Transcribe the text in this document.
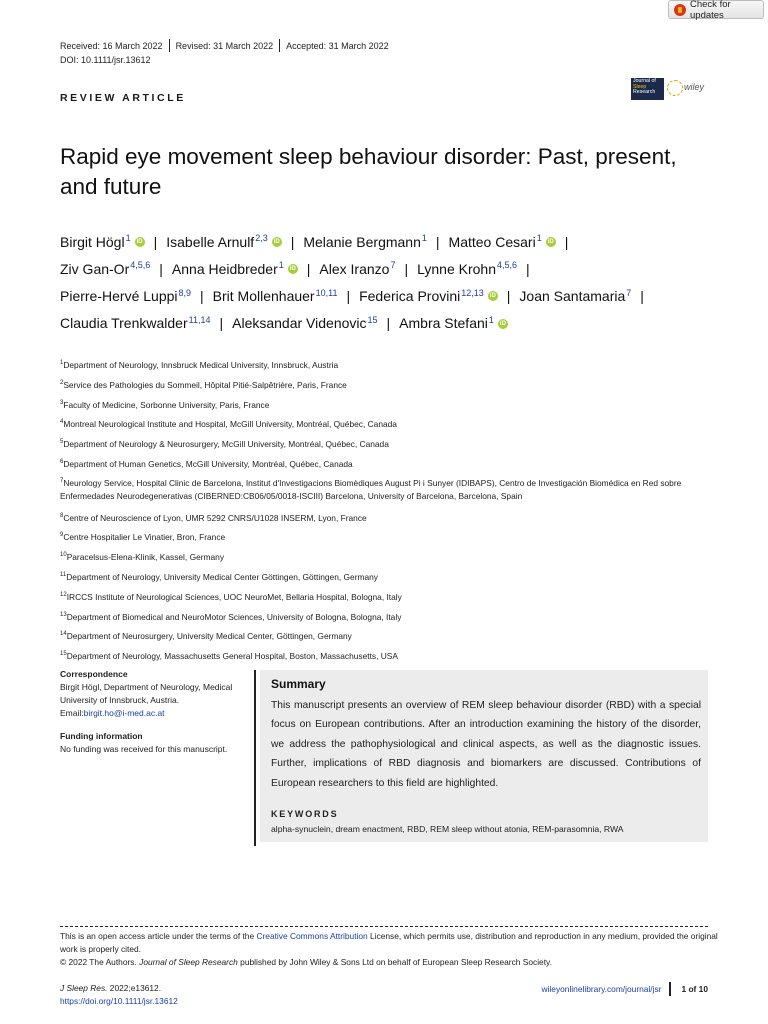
Check for updates
Received: 16 March 2022 Revised: 31 March 2022 Accepted: 31 March 2022
DOI: 10.1111/jsr.13612
REVIEW ARTICLE
Journal of
Sleep
Research
wiley
Rapid eye movement sleep behaviour disorder: Past, present, and future
Birgit Högl$^1$ iD | Isabelle Arnulf$^{2,3}$ iD | Melanie Bergmann$^1$ | Matteo Cesari$^1$ iD |
Ziv Gan-Or$^{4,5,6}$ | Anna Heidbreder$^1$ iD | Alex Iranzo$^7$ | Lynne Krohn$^{4,5,6}$ |
Pierre-Hervé Luppi$^{8,9}$ | Brit Mollenhauer$^{10,11}$ | Federica Provini$^{12,13}$ iD | Joan Santamaria$^7$ |
Claudia Trenkwalder$^{11,14}$ | Aleksandar Videnovic$^{15}$ | Ambra Stefani$^1$ iD

$^1$Department of Neurology, Innsbruck Medical University, Innsbruck, Austria
$^2$Service des Pathologies du Sommeil, Hôpital Pitié-Salpêtrière, Paris, France
$^3$Faculty of Medicine, Sorbonne University, Paris, France
$^4$Montreal Neurological Institute and Hospital, McGill University, Montréal, Québec, Canada
$^5$Department of Neurology & Neurosurgery, McGill University, Montréal, Québec, Canada
$^6$Department of Human Genetics, McGill University, Montréal, Québec, Canada
$^7$Neurology Service, Hospital Clinic de Barcelona, Institut d'Investigacions Biomèdiques August Pi i Sunyer (IDIBAPS), Centro de Investigación Biomédica en Red sobre Enfermedades Neurodegenerativas (CIBERNED:CB06/05/0018-ISCIII) Barcelona, University of Barcelona, Barcelona, Spain
$^8$Centre of Neuroscience of Lyon, UMR 5292 CNRS/U1028 INSERM, Lyon, France
$^9$Centre Hospitalier Le Vinatier, Bron, France
$^{10}$Paracelsus-Elena-Klinik, Kassel, Germany
$^{11}$Department of Neurology, University Medical Center Göttingen, Göttingen, Germany
$^{12}$IRCCS Institute of Neurological Sciences, UOC NeuroMet, Bellaria Hospital, Bologna, Italy
$^{13}$Department of Biomedical and NeuroMotor Sciences, University of Bologna, Bologna, Italy
$^{14}$Department of Neurosurgery, University Medical Center, Göttingen, Germany
$^{15}$Department of Neurology, Massachusetts General Hospital, Boston, Massachusetts, USA
Correspondence
Birgit Högl, Department of Neurology, Medical University of Innsbruck, Austria.
Email:birgit.ho@i-med.ac.at
Funding information
No funding was received for this manuscript.
Summary
This manuscript presents an overview of REM sleep behaviour disorder (RBD) with a special focus on European contributions. After an introduction examining the history of the disorder, we address the pathophysiological and clinical aspects, as well as the diagnostic issues. Further, implications of RBD diagnosis and biomarkers are discussed. Contributions of European researchers to this field are highlighted.
KEYWORDS
alpha-synuclein, dream enactment, RBD, REM sleep without atonia, REM-parasomnia, RWA
This is an open access article under the terms of the Creative Commons Attribution License, which permits use, distribution and reproduction in any medium, provided the original work is properly cited.
© 2022 The Authors. Journal of Sleep Research published by John Wiley & Sons Ltd on behalf of European Sleep Research Society.
J Sleep Res. 2022;e13612.
https://doi.org/10.1111/jsr.13612
wileyonlinelibrary.com/journal/jsr 1 of 10
